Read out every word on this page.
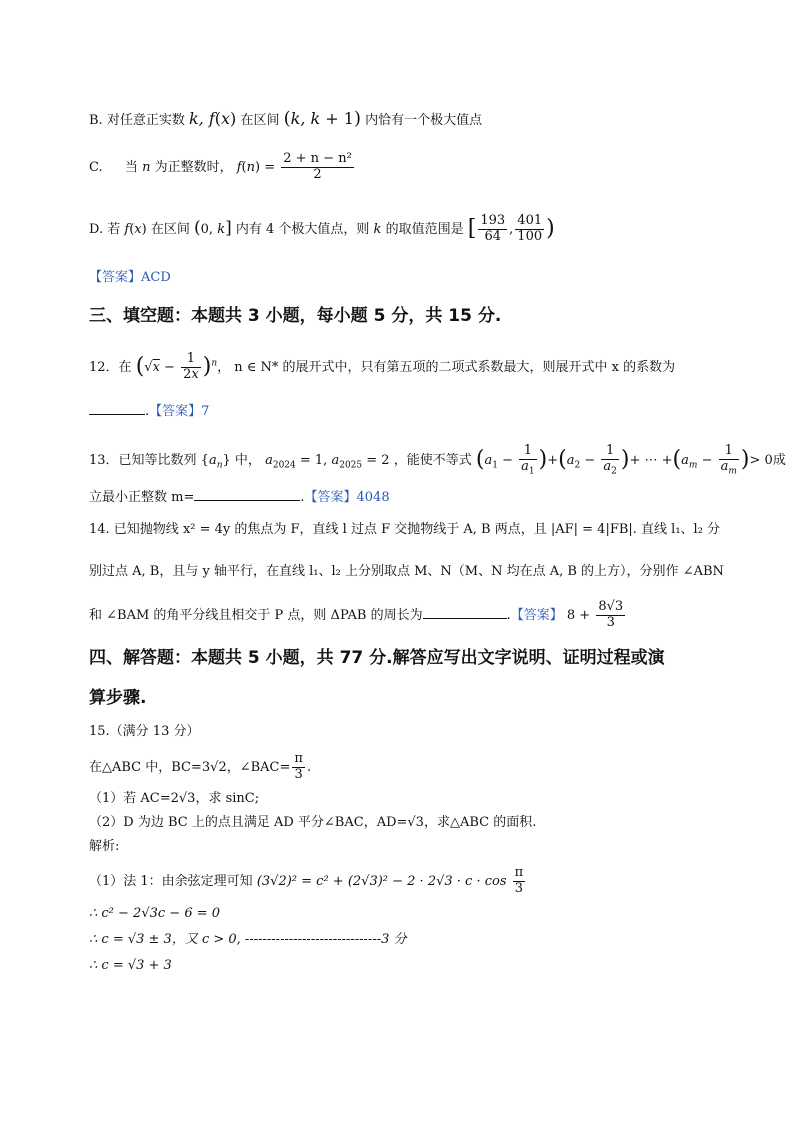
B. 对任意正实数 k, f(x) 在区间 (k, k + 1) 内恰有一个极大值点
C. 当 n 为正整数时， $f(n) = \frac{\text{2 + n − n²}}{2}$
D. 若 f(x) 在区间 (0, k] 内有 4 个极大值点，则 k 的取值范围是 [ $\frac{193}{64}$ , $\frac{401}{100}$ )
【答案】ACD
三、填空题：本题共 3 小题，每小题 5 分，共 15 分.
12．在 $(√x - \frac{1}{2x} )^n$， n ∈ N* 的展开式中，只有第五项的二项式系数最大，则展开式中 x 的系数为
.【答案】7
13．已知等比数列 $\{a_n\}$ 中， $a_{2024} = 1$, $a_{2025} = 2$ ，能使不等式 $(a_1 - \frac{1}{a_1} )+(a_2 - \frac{1}{a_2}$ )+ ⋯ $+(a_m - \frac{1}{a_m}$ )> 0成
立最小正整数 m=	.【答案】4048
14. 已知抛物线 x² = 4y 的焦点为 F，直线 l 过点 F 交抛物线于 A, B 两点，且 |AF| = 4|FB|. 直线 l₁、l₂ 分
别过点 A, B，且与 y 轴平行，在直线 l₁、l₂ 上分别取点 M、N（M、N 均在点 A, B 的上方），分别作 ∠ABN
和 ∠BAM 的角平分线且相交于 P 点，则 ΔPAB 的周长为	.【答案】 $8 + \frac{8√3}{3}$
四、解答题：本题共 5 小题，共 77 分.解答应写出文字说明、证明过程或演
算步骤.
15.（满分 13 分）
在△ABC 中，BC=3√2，∠BAC= $\frac{\pi}{3}$ .
（1）若 AC=2√3，求 sinC;
（2）D 为边 BC 上的点且满足 AD 平分∠BAC，AD=√3，求△ABC 的面积.
解析:
（1）法 1：由余弦定理可知 $(3√2)^2 = c^2 + (2√3)^2 - 2 \cdot 2√3 \cdot c \cdot \cos \frac{\pi}{3}$
∴ c² − 2√3c − 6 = 0
∴ c = √3 ± 3，又 c > 0, -------------------------------3 分
∴ c = √3 + 3
